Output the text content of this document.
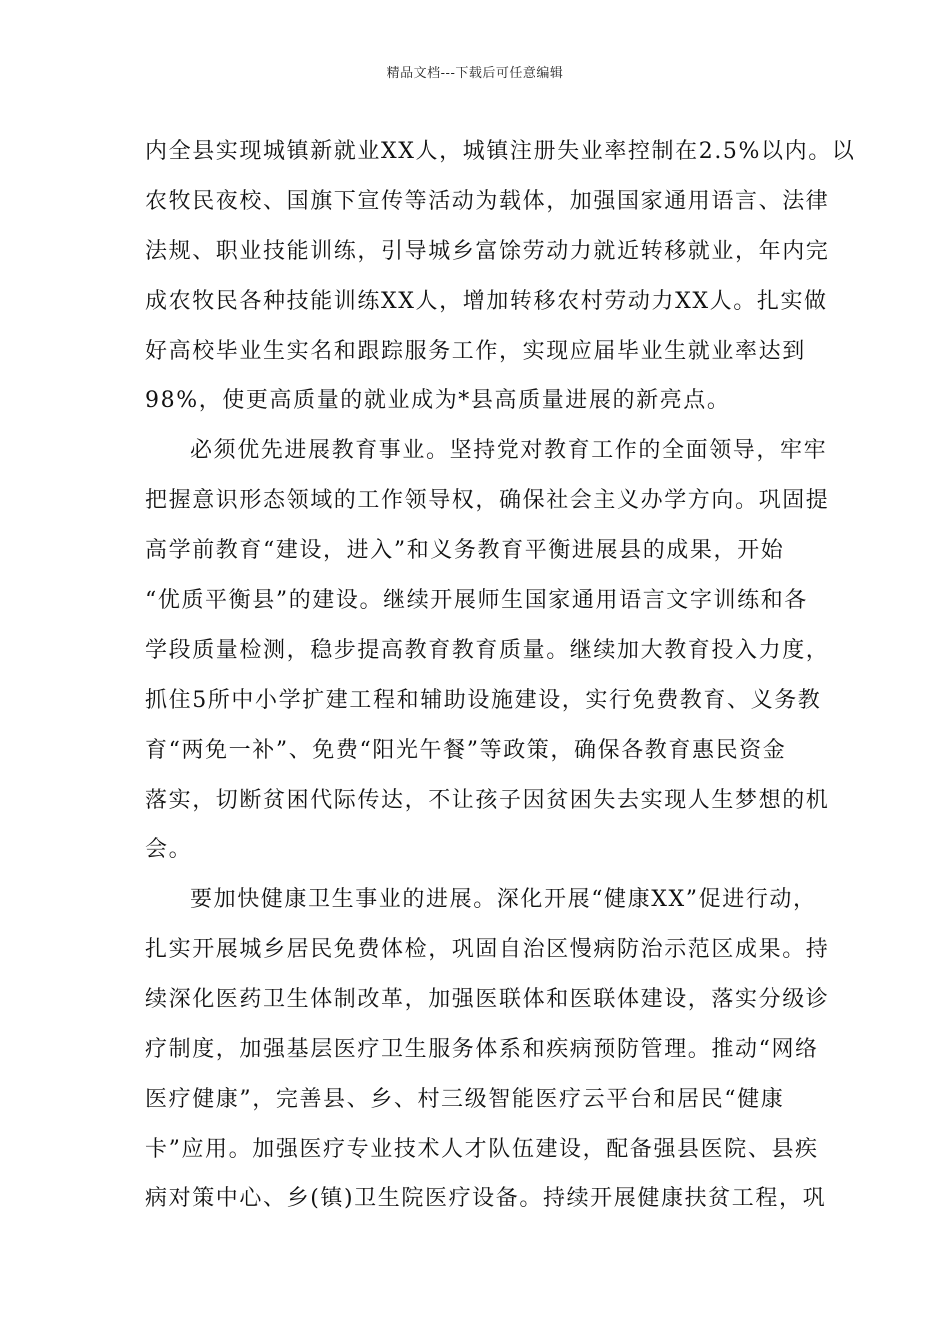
精品文档---下载后可任意编辑
内全县实现城镇新就业XX人，城镇注册失业率控制在2.5%以内。以
农牧民夜校、国旗下宣传等活动为载体，加强国家通用语言、法律
法规、职业技能训练，引导城乡富馀劳动力就近转移就业，年内完
成农牧民各种技能训练XX人，增加转移农村劳动力XX人。扎实做
好高校毕业生实名和跟踪服务工作，实现应届毕业生就业率达到
98%，使更高质量的就业成为*县高质量进展的新亮点。
必须优先进展教育事业。坚持党对教育工作的全面领导，牢牢
把握意识形态领域的工作领导权，确保社会主义办学方向。巩固提
高学前教育“建设，进入”和义务教育平衡进展县的成果，开始
“优质平衡县”的建设。继续开展师生国家通用语言文字训练和各
学段质量检测，稳步提高教育教育质量。继续加大教育投入力度，
抓住5所中小学扩建工程和辅助设施建设，实行免费教育、义务教
育“两免一补”、免费“阳光午餐”等政策，确保各教育惠民资金
落实，切断贫困代际传达，不让孩子因贫困失去实现人生梦想的机
会。
要加快健康卫生事业的进展。深化开展“健康XX”促进行动，
扎实开展城乡居民免费体检，巩固自治区慢病防治示范区成果。持
续深化医药卫生体制改革，加强医联体和医联体建设，落实分级诊
疗制度，加强基层医疗卫生服务体系和疾病预防管理。推动“网络
医疗健康”，完善县、乡、村三级智能医疗云平台和居民“健康
卡”应用。加强医疗专业技术人才队伍建设，配备强县医院、县疾
病对策中心、乡(镇)卫生院医疗设备。持续开展健康扶贫工程，巩
